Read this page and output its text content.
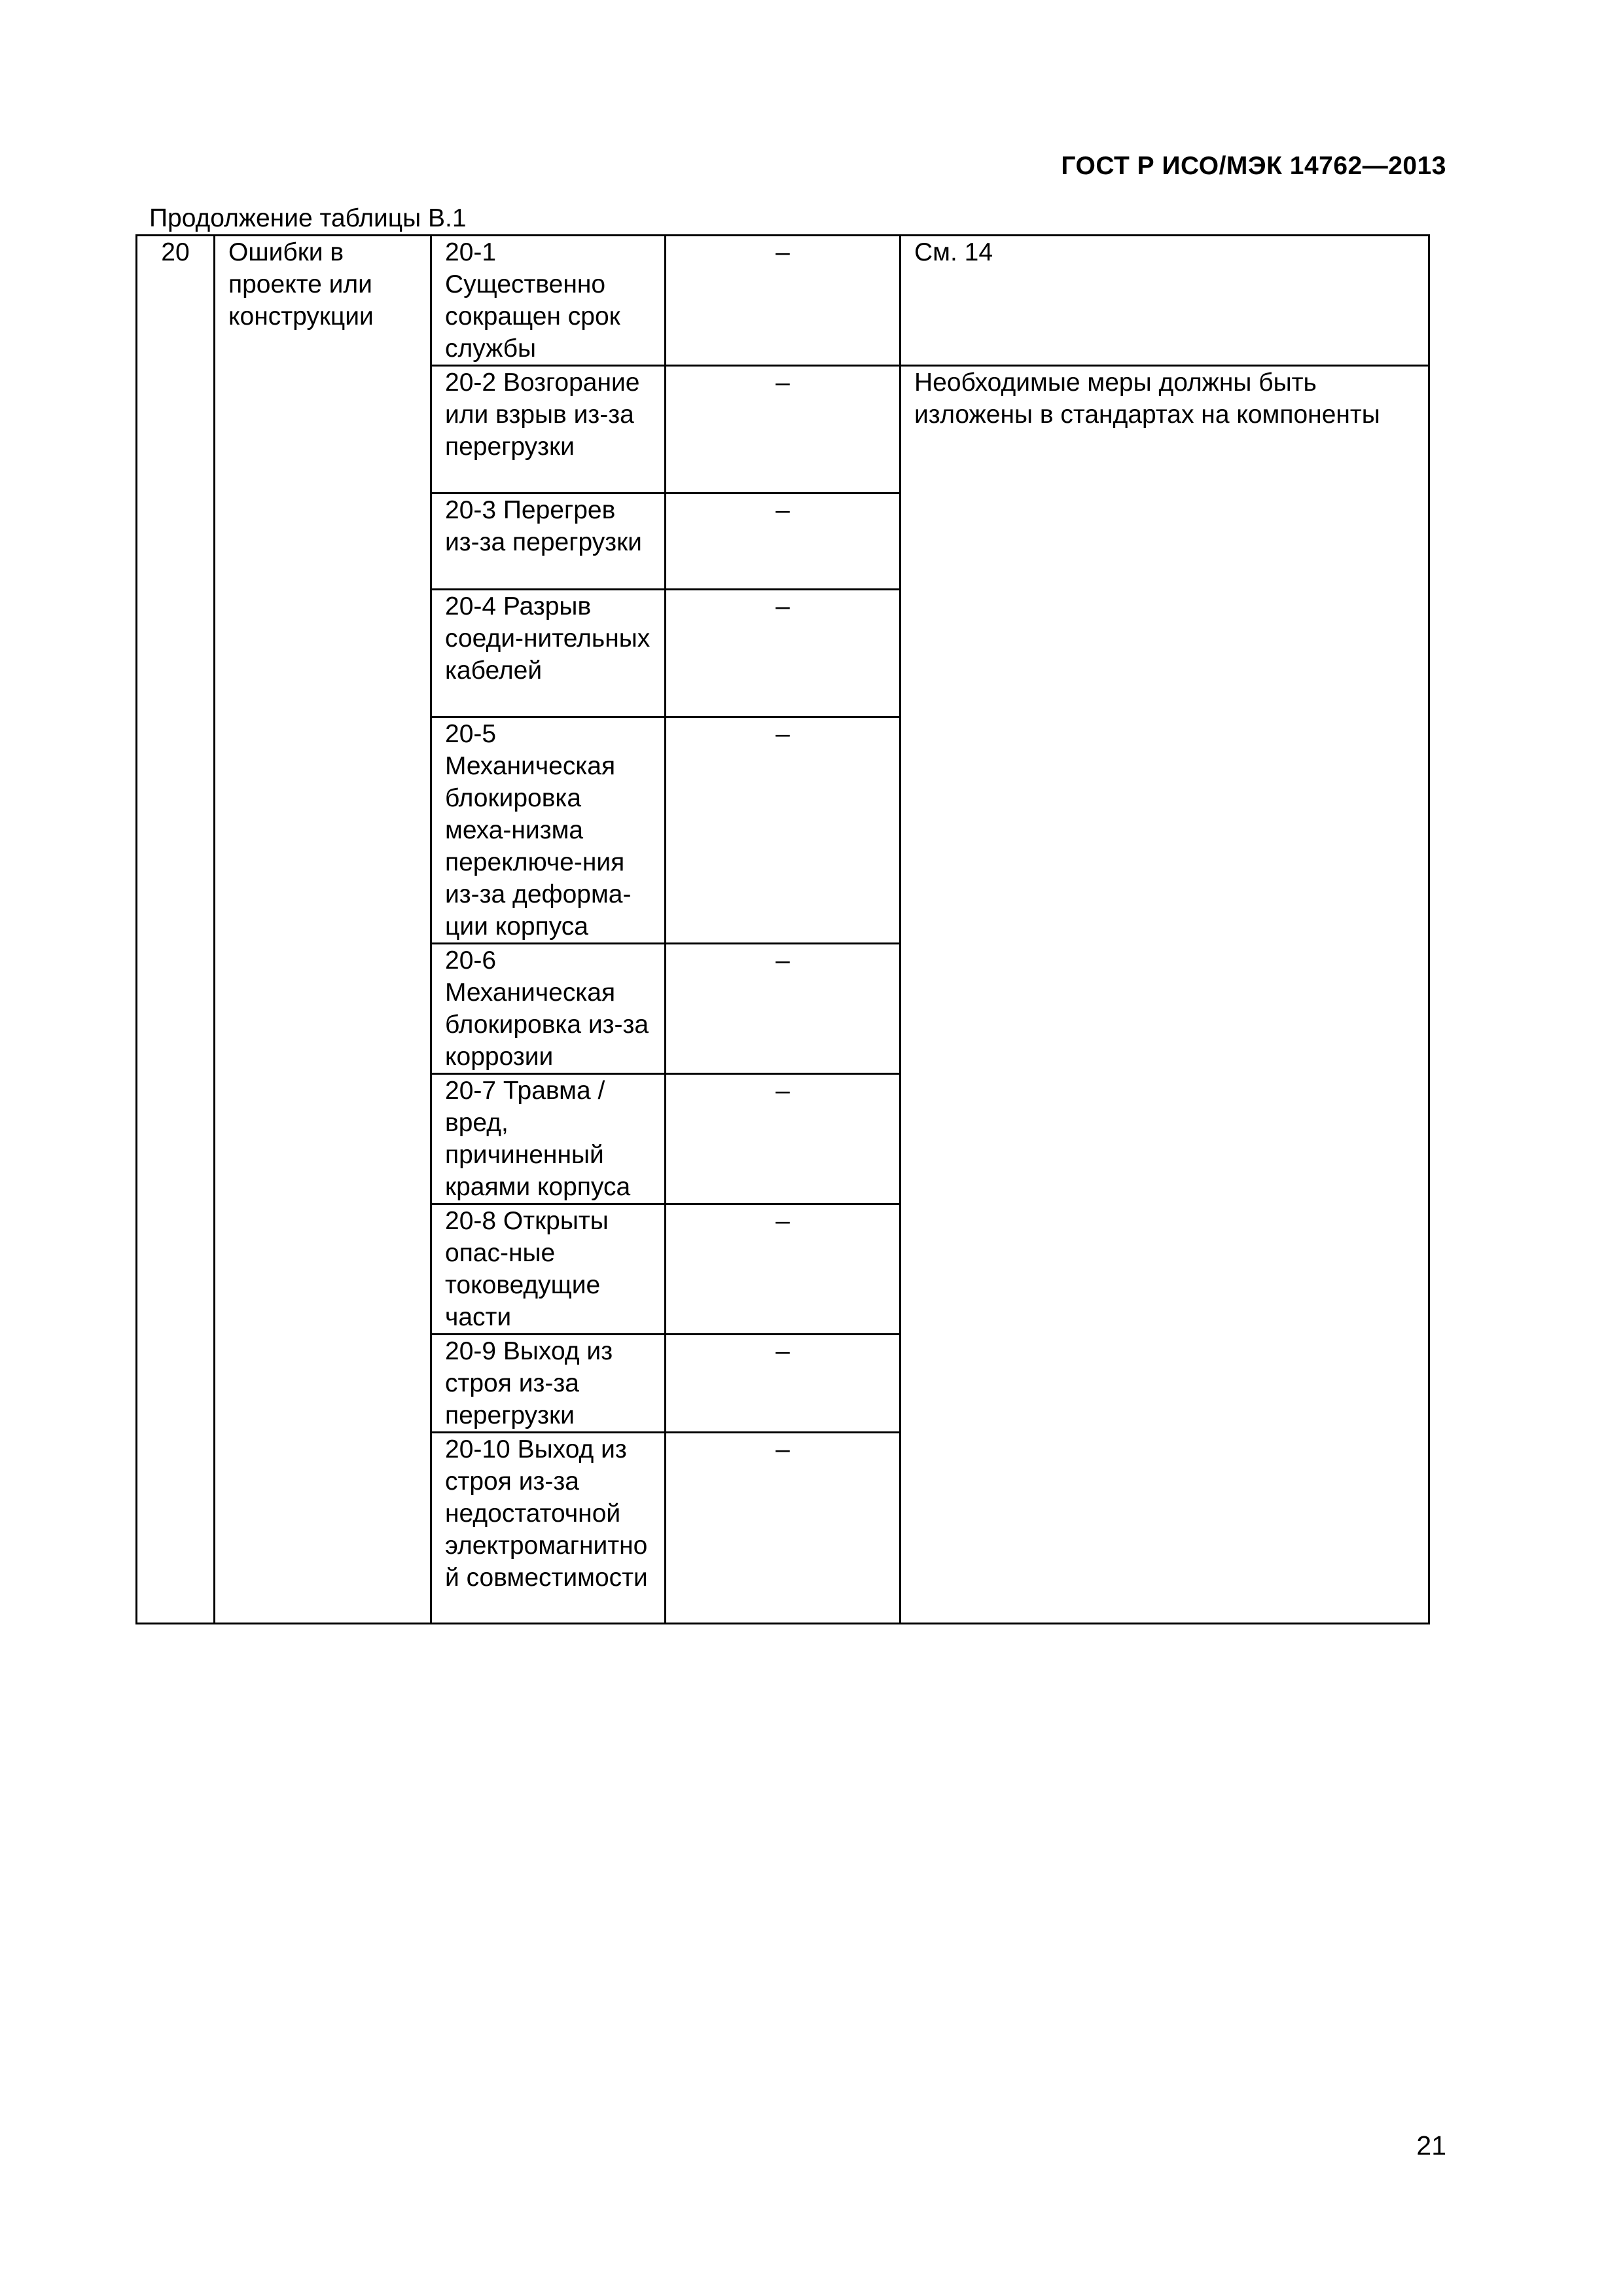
ГОСТ Р ИСО/МЭК 14762—2013
Продолжение таблицы В.1
20	Ошибки в проекте или конструкции	20-1 Существенно сокращен срок службы	–	См. 14
		20-2 Возгорание или взрыв из-за перегрузки	–	Необходимые меры должны быть изложены в стандартах на компоненты
		20-3 Перегрев из-за перегрузки	–	
		20-4 Разрыв соеди-нительных кабелей	–	
		20-5 Механическая блокировка меха-низма переключе-ния из-за деформа-ции корпуса	–	
		20-6 Механическая блокировка из-за коррозии	–	
		20-7 Травма / вред, причиненный краями корпуса	–	
		20-8 Открыты опас-ные токоведущие части	–	
		20-9 Выход из строя из-за перегрузки	–	
		20-10 Выход из строя из-за недостаточной электромагнитной совместимости	–	
21
